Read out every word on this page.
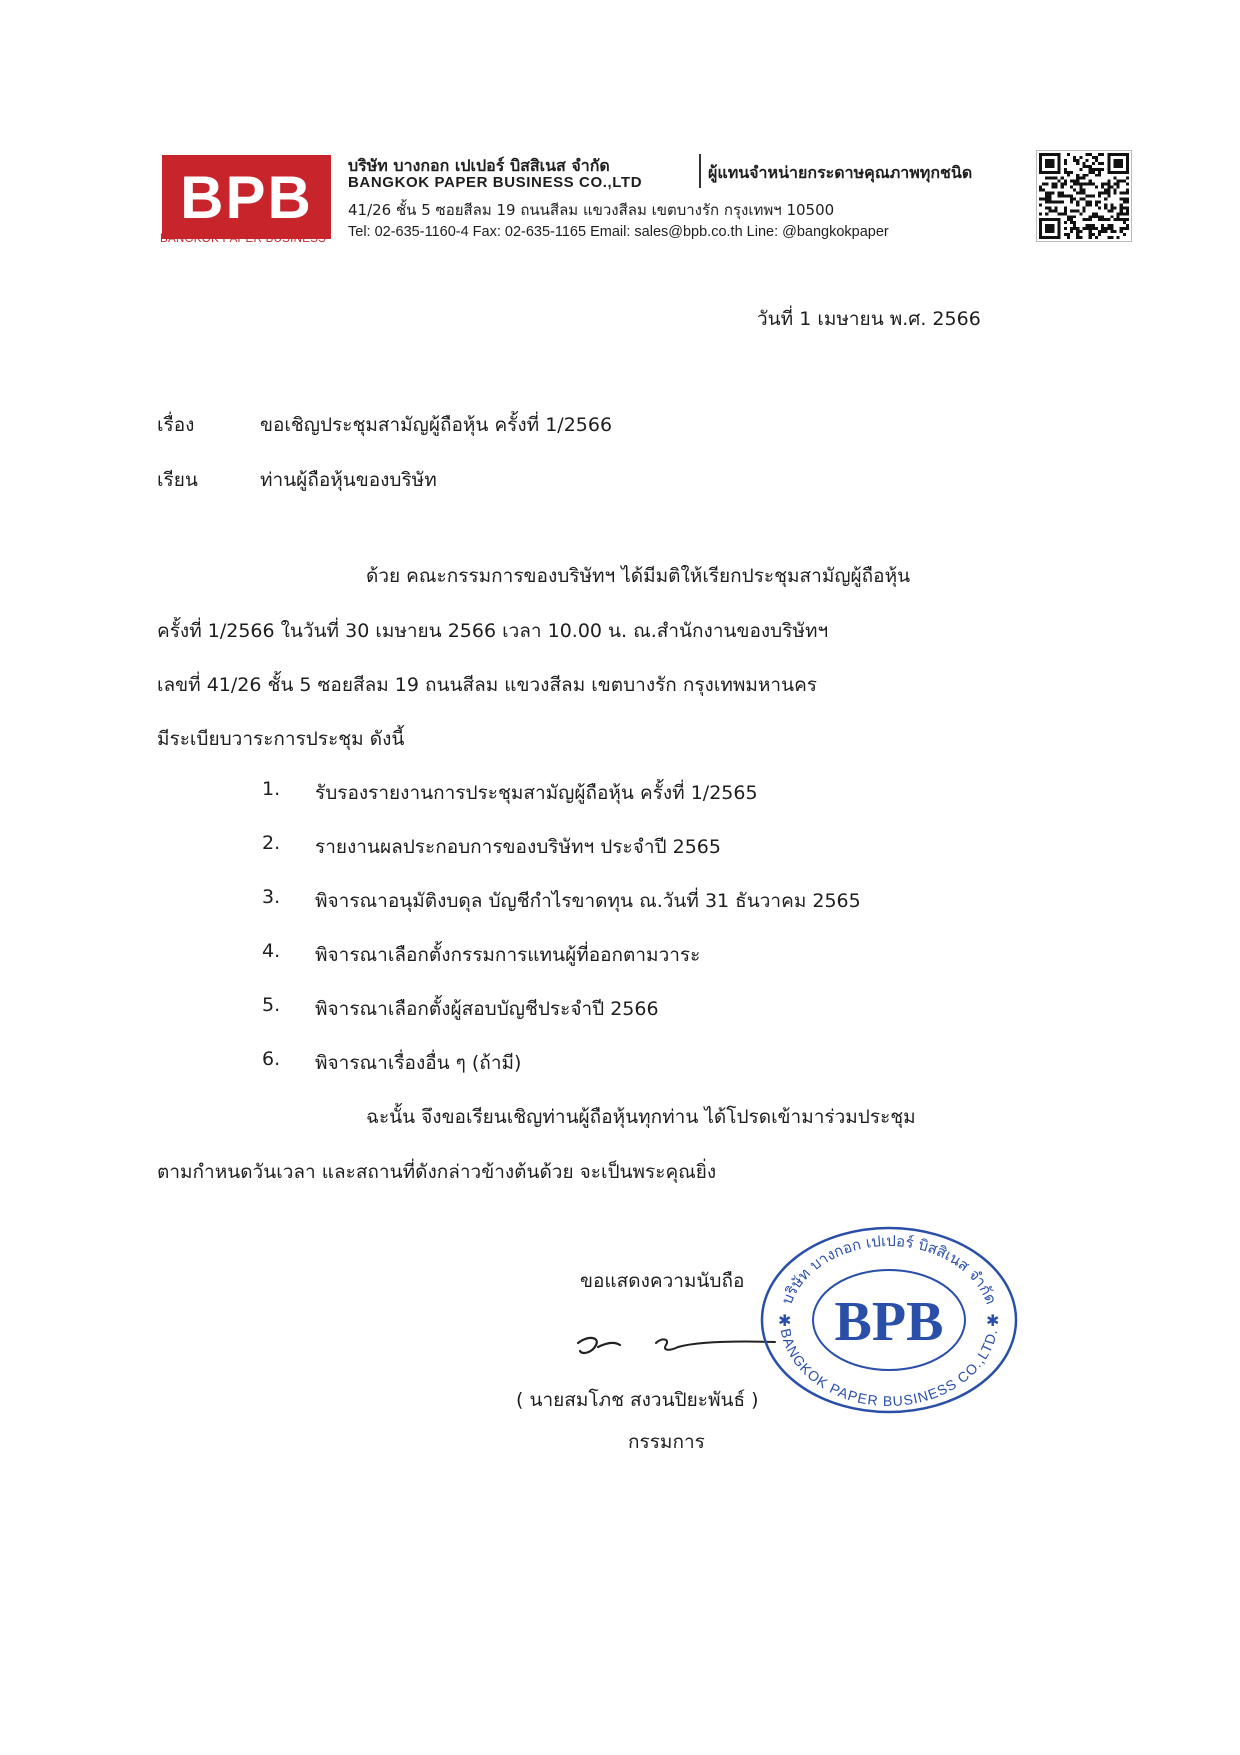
BPB
BANGKOK PAPER BUSINESS
บริษัท บางกอก เปเปอร์ บิสสิเนส จำกัด
BANGKOK PAPER BUSINESS CO.,LTD
ผู้แทนจำหน่ายกระดาษคุณภาพทุกชนิด
41/26 ชั้น 5 ซอยสีลม 19 ถนนสีลม แขวงสีลม เขตบางรัก กรุงเทพฯ 10500
Tel: 02-635-1160-4 Fax: 02-635-1165 Email: sales@bpb.co.th Line: @bangkokpaper
วันที่ 1 เมษายน พ.ศ. 2566
เรื่อง	ขอเชิญประชุมสามัญผู้ถือหุ้น ครั้งที่ 1/2566
เรียน	ท่านผู้ถือหุ้นของบริษัท
ด้วย คณะกรรมการของบริษัทฯ ได้มีมติให้เรียกประชุมสามัญผู้ถือหุ้น
ครั้งที่ 1/2566 ในวันที่ 30 เมษายน 2566 เวลา 10.00 น. ณ.สำนักงานของบริษัทฯ
เลขที่ 41/26 ชั้น 5 ซอยสีลม 19 ถนนสีลม แขวงสีลม เขตบางรัก กรุงเทพมหานคร
มีระเบียบวาระการประชุม ดังนี้
1. รับรองรายงานการประชุมสามัญผู้ถือหุ้น ครั้งที่ 1/2565
2. รายงานผลประกอบการของบริษัทฯ ประจำปี 2565
3. พิจารณาอนุมัติงบดุล บัญชีกำไรขาดทุน ณ.วันที่ 31 ธันวาคม 2565
4. พิจารณาเลือกตั้งกรรมการแทนผู้ที่ออกตามวาระ
5. พิจารณาเลือกตั้งผู้สอบบัญชีประจำปี 2566
6. พิจารณาเรื่องอื่น ๆ (ถ้ามี)
ฉะนั้น จึงขอเรียนเชิญท่านผู้ถือหุ้นทุกท่าน ได้โปรดเข้ามาร่วมประชุม
ตามกำหนดวันเวลา และสถานที่ดังกล่าวข้างต้นด้วย จะเป็นพระคุณยิ่ง
ขอแสดงความนับถือ
( นายสมโภช สงวนปิยะพันธ์ )
กรรมการ
บริษัท บางกอก เปเปอร์ บิสสิเนส จำกัด
BANGKOK PAPER BUSINESS CO.,LTD.
BPB
✱	✱
